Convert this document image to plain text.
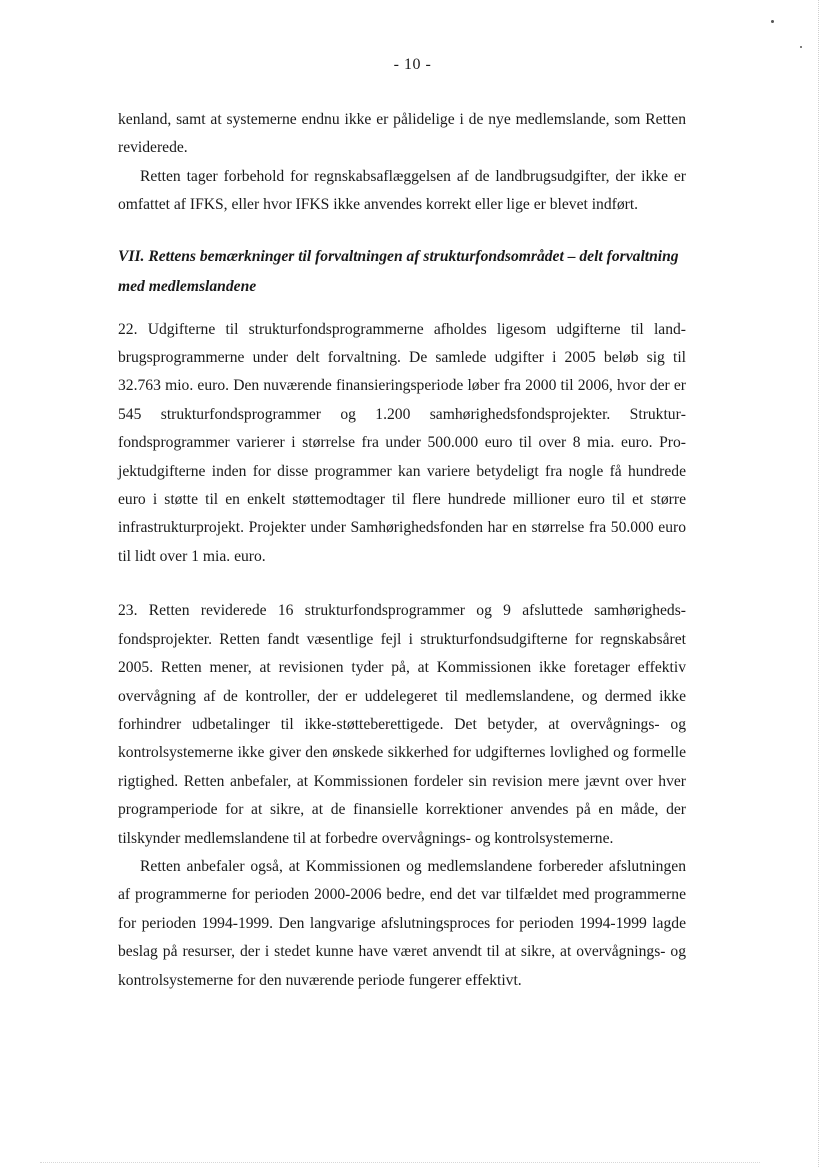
- 10 -

kenland, samt at systemerne endnu ikke er pålidelige i de nye medlemslande, som Retten reviderede.

Retten tager forbehold for regnskabsaflæggelsen af de landbrugsudgifter, der ikke er omfattet af IFKS, eller hvor IFKS ikke anvendes korrekt eller lige er blevet indført.

VII. Rettens bemærkninger til forvaltningen af strukturfondsområdet – delt forvaltning med medlemslandene

22. Udgifterne til strukturfondsprogrammerne afholdes ligesom udgifterne til landbrugsprogrammerne under delt forvaltning. De samlede udgifter i 2005 beløb sig til 32.763 mio. euro. Den nuværende finansieringsperiode løber fra 2000 til 2006, hvor der er 545 strukturfondsprogrammer og 1.200 samhørighedsfondsprojekter. Strukturfondsprogrammer varierer i størrelse fra under 500.000 euro til over 8 mia. euro. Projektudgifterne inden for disse programmer kan variere betydeligt fra nogle få hundrede euro i støtte til en enkelt støttemodtager til flere hundrede millioner euro til et større infrastrukturprojekt. Projekter under Samhørighedsfonden har en størrelse fra 50.000 euro til lidt over 1 mia. euro.

23. Retten reviderede 16 strukturfondsprogrammer og 9 afsluttede samhørighedsfondsprojekter. Retten fandt væsentlige fejl i strukturfondsudgifterne for regnskabsåret 2005. Retten mener, at revisionen tyder på, at Kommissionen ikke foretager effektiv overvågning af de kontroller, der er uddelegeret til medlemslandene, og dermed ikke forhindrer udbetalinger til ikke-støtteberettigede. Det betyder, at overvågnings- og kontrolsystemerne ikke giver den ønskede sikkerhed for udgifternes lovlighed og formelle rigtighed. Retten anbefaler, at Kommissionen fordeler sin revision mere jævnt over hver programperiode for at sikre, at de finansielle korrektioner anvendes på en måde, der tilskynder medlemslandene til at forbedre overvågnings- og kontrolsystemerne.

Retten anbefaler også, at Kommissionen og medlemslandene forbereder afslutningen af programmerne for perioden 2000-2006 bedre, end det var tilfældet med programmerne for perioden 1994-1999. Den langvarige afslutningsproces for perioden 1994-1999 lagde beslag på resurser, der i stedet kunne have været anvendt til at sikre, at overvågnings- og kontrolsystemerne for den nuværende periode fungerer effektivt.
